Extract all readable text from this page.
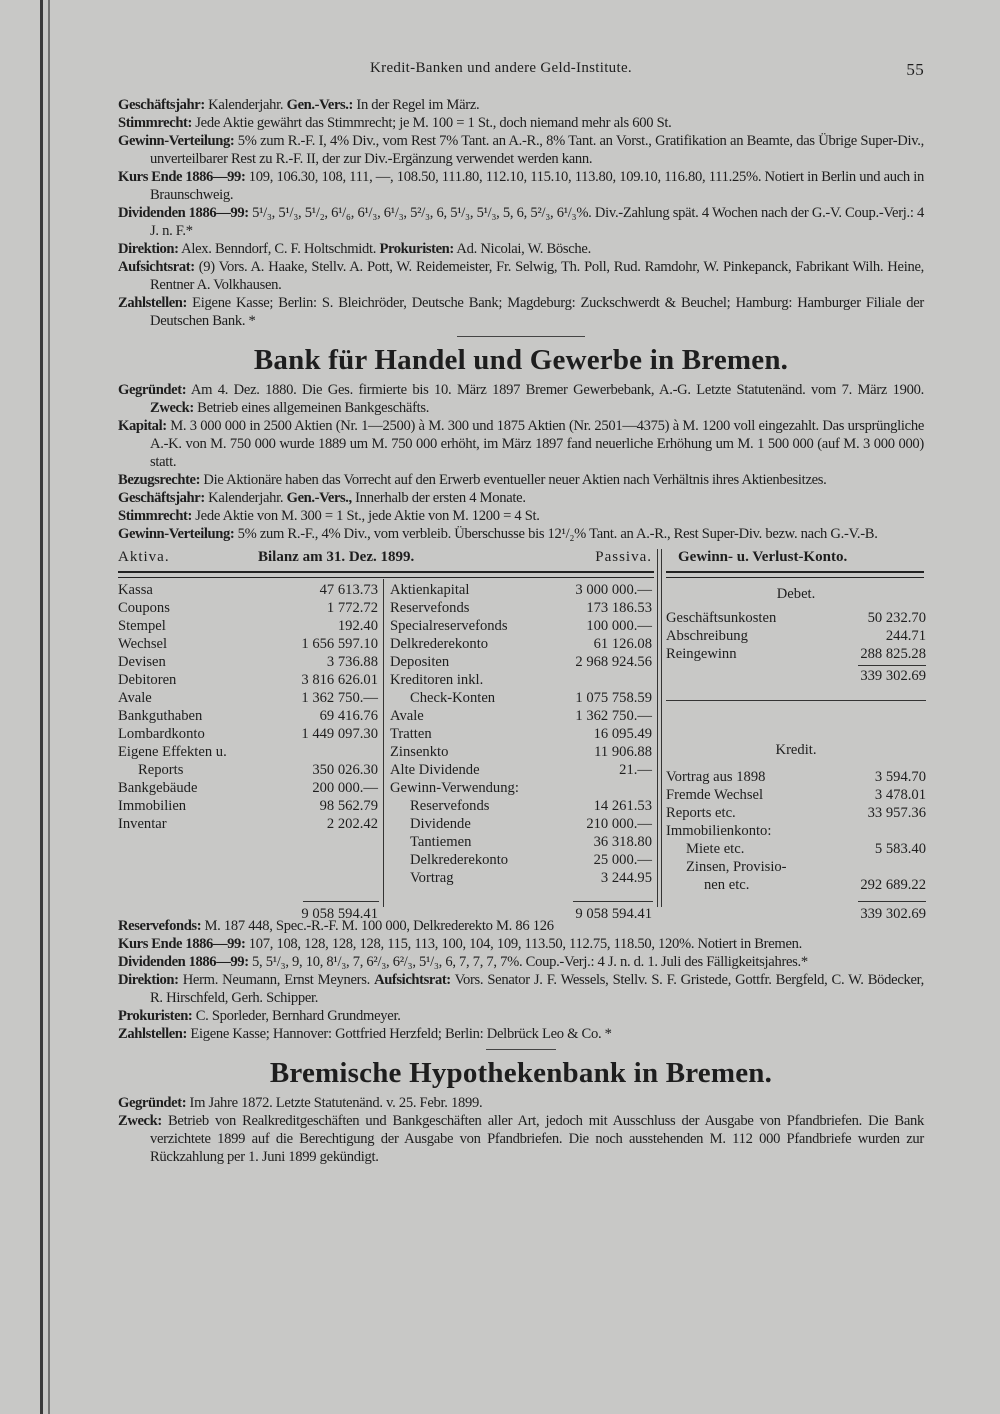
Kredit-Banken und andere Geld-Institute.	55
Geschäftsjahr: Kalenderjahr. Gen.-Vers.: In der Regel im März.
Stimmrecht: Jede Aktie gewährt das Stimmrecht; je M. 100 = 1 St., doch niemand mehr als 600 St.
Gewinn-Verteilung: 5% zum R.-F. I, 4% Div., vom Rest 7% Tant. an A.-R., 8% Tant. an Vorst., Gratifikation an Beamte, das Übrige Super-Div., unverteilbarer Rest zu R.-F. II, der zur Div.-Ergänzung verwendet werden kann.
Kurs Ende 1886—99: 109, 106.30, 108, 111, —, 108.50, 111.80, 112.10, 115.10, 113.80, 109.10, 116.80, 111.25%. Notiert in Berlin und auch in Braunschweig.
Dividenden 1886—99: 5¹/₃, 5¹/₃, 5¹/₂, 6¹/₆, 6¹/₃, 6¹/₃, 5²/₃, 6, 5¹/₃, 5¹/₃, 5, 6, 5²/₃, 6¹/₃%. Div.-Zahlung spät. 4 Wochen nach der G.-V. Coup.-Verj.: 4 J. n. F.*
Direktion: Alex. Benndorf, C. F. Holtschmidt. Prokuristen: Ad. Nicolai, W. Bösche.
Aufsichtsrat: (9) Vors. A. Haake, Stellv. A. Pott, W. Reidemeister, Fr. Selwig, Th. Poll, Rud. Ramdohr, W. Pinkepanck, Fabrikant Wilh. Heine, Rentner A. Volkhausen.
Zahlstellen: Eigene Kasse; Berlin: S. Bleichröder, Deutsche Bank; Magdeburg: Zuckschwerdt & Beuchel; Hamburg: Hamburger Filiale der Deutschen Bank. *
Bank für Handel und Gewerbe in Bremen.
Gegründet: Am 4. Dez. 1880. Die Ges. firmierte bis 10. März 1897 Bremer Gewerbebank, A.-G. Letzte Statutenänd. vom 7. März 1900. Zweck: Betrieb eines allgemeinen Bankgeschäfts.
Kapital: M. 3 000 000 in 2500 Aktien (Nr. 1—2500) à M. 300 und 1875 Aktien (Nr. 2501—4375) à M. 1200 voll eingezahlt. Das ursprüngliche A.-K. von M. 750 000 wurde 1889 um M. 750 000 erhöht, im März 1897 fand neuerliche Erhöhung um M. 1 500 000 (auf M. 3 000 000) statt.
Bezugsrechte: Die Aktionäre haben das Vorrecht auf den Erwerb eventueller neuer Aktien nach Verhältnis ihres Aktienbesitzes.
Geschäftsjahr: Kalenderjahr. Gen.-Vers., Innerhalb der ersten 4 Monate.
Stimmrecht: Jede Aktie von M. 300 = 1 St., jede Aktie von M. 1200 = 4 St.
Gewinn-Verteilung: 5% zum R.-F., 4% Div., vom verbleib. Überschusse bis 12¹/₂% Tant. an A.-R., Rest Super-Div. bezw. nach G.-V.-B.
Aktiva.	Bilanz am 31. Dez. 1899.	Passiva. Gewinn- u. Verlust-Konto.
Kassa	47 613.73
Coupons	1 772.72
Stempel	192.40
Wechsel	1 656 597.10
Devisen	3 736.88
Debitoren	3 816 626.01
Avale	1 362 750.—
Bankguthaben	69 416.76
Lombardkonto	1 449 097.30
Eigene Effekten u.
Reports	350 026.30
Bankgebäude	200 000.—
Immobilien	98 562.79
Inventar	2 202.42
9 058 594.41
Aktienkapital	3 000 000.—
Reservefonds	173 186.53
Specialreservefonds	100 000.—
Delkrederekonto	61 126.08
Depositen	2 968 924.56
Kreditoren inkl.
Check-Konten	1 075 758.59
Avale	1 362 750.—
Tratten	16 095.49
Zinsenkto	11 906.88
Alte Dividende	21.—
Gewinn-Verwendung:
Reservefonds	14 261.53
Dividende	210 000.—
Tantiemen	36 318.80
Delkrederekonto	25 000.—
Vortrag	3 244.95
9 058 594.41
Debet.
Geschäftsunkosten	50 232.70
Abschreibung	244.71
Reingewinn	288 825.28
339 302.69
Kredit.
Vortrag aus 1898	3 594.70
Fremde Wechsel	3 478.01
Reports etc.	33 957.36
Immobilienkonto:
Miete etc.	5 583.40
Zinsen, Provisio-
nen etc.	292 689.22
339 302.69
Reservefonds: M. 187 448, Spec.-R.-F. M. 100 000, Delkrederekto M. 86 126
Kurs Ende 1886—99: 107, 108, 128, 128, 128, 115, 113, 100, 104, 109, 113.50, 112.75, 118.50, 120%. Notiert in Bremen.
Dividenden 1886—99: 5, 5¹/₃, 9, 10, 8¹/₃, 7, 6²/₃, 6²/₃, 5¹/₃, 6, 7, 7, 7, 7%. Coup.-Verj.: 4 J. n. d. 1. Juli des Fälligkeitsjahres.*
Direktion: Herm. Neumann, Ernst Meyners. Aufsichtsrat: Vors. Senator J. F. Wessels, Stellv. S. F. Gristede, Gottfr. Bergfeld, C. W. Bödecker, R. Hirschfeld, Gerh. Schipper.
Prokuristen: C. Sporleder, Bernhard Grundmeyer.
Zahlstellen: Eigene Kasse; Hannover: Gottfried Herzfeld; Berlin: Delbrück Leo & Co. *
Bremische Hypothekenbank in Bremen.
Gegründet: Im Jahre 1872. Letzte Statutenänd. v. 25. Febr. 1899.
Zweck: Betrieb von Realkreditgeschäften und Bankgeschäften aller Art, jedoch mit Ausschluss der Ausgabe von Pfandbriefen. Die Bank verzichtete 1899 auf die Berechtigung der Ausgabe von Pfandbriefen. Die noch ausstehenden M. 112 000 Pfandbriefe wurden zur Rückzahlung per 1. Juni 1899 gekündigt.
